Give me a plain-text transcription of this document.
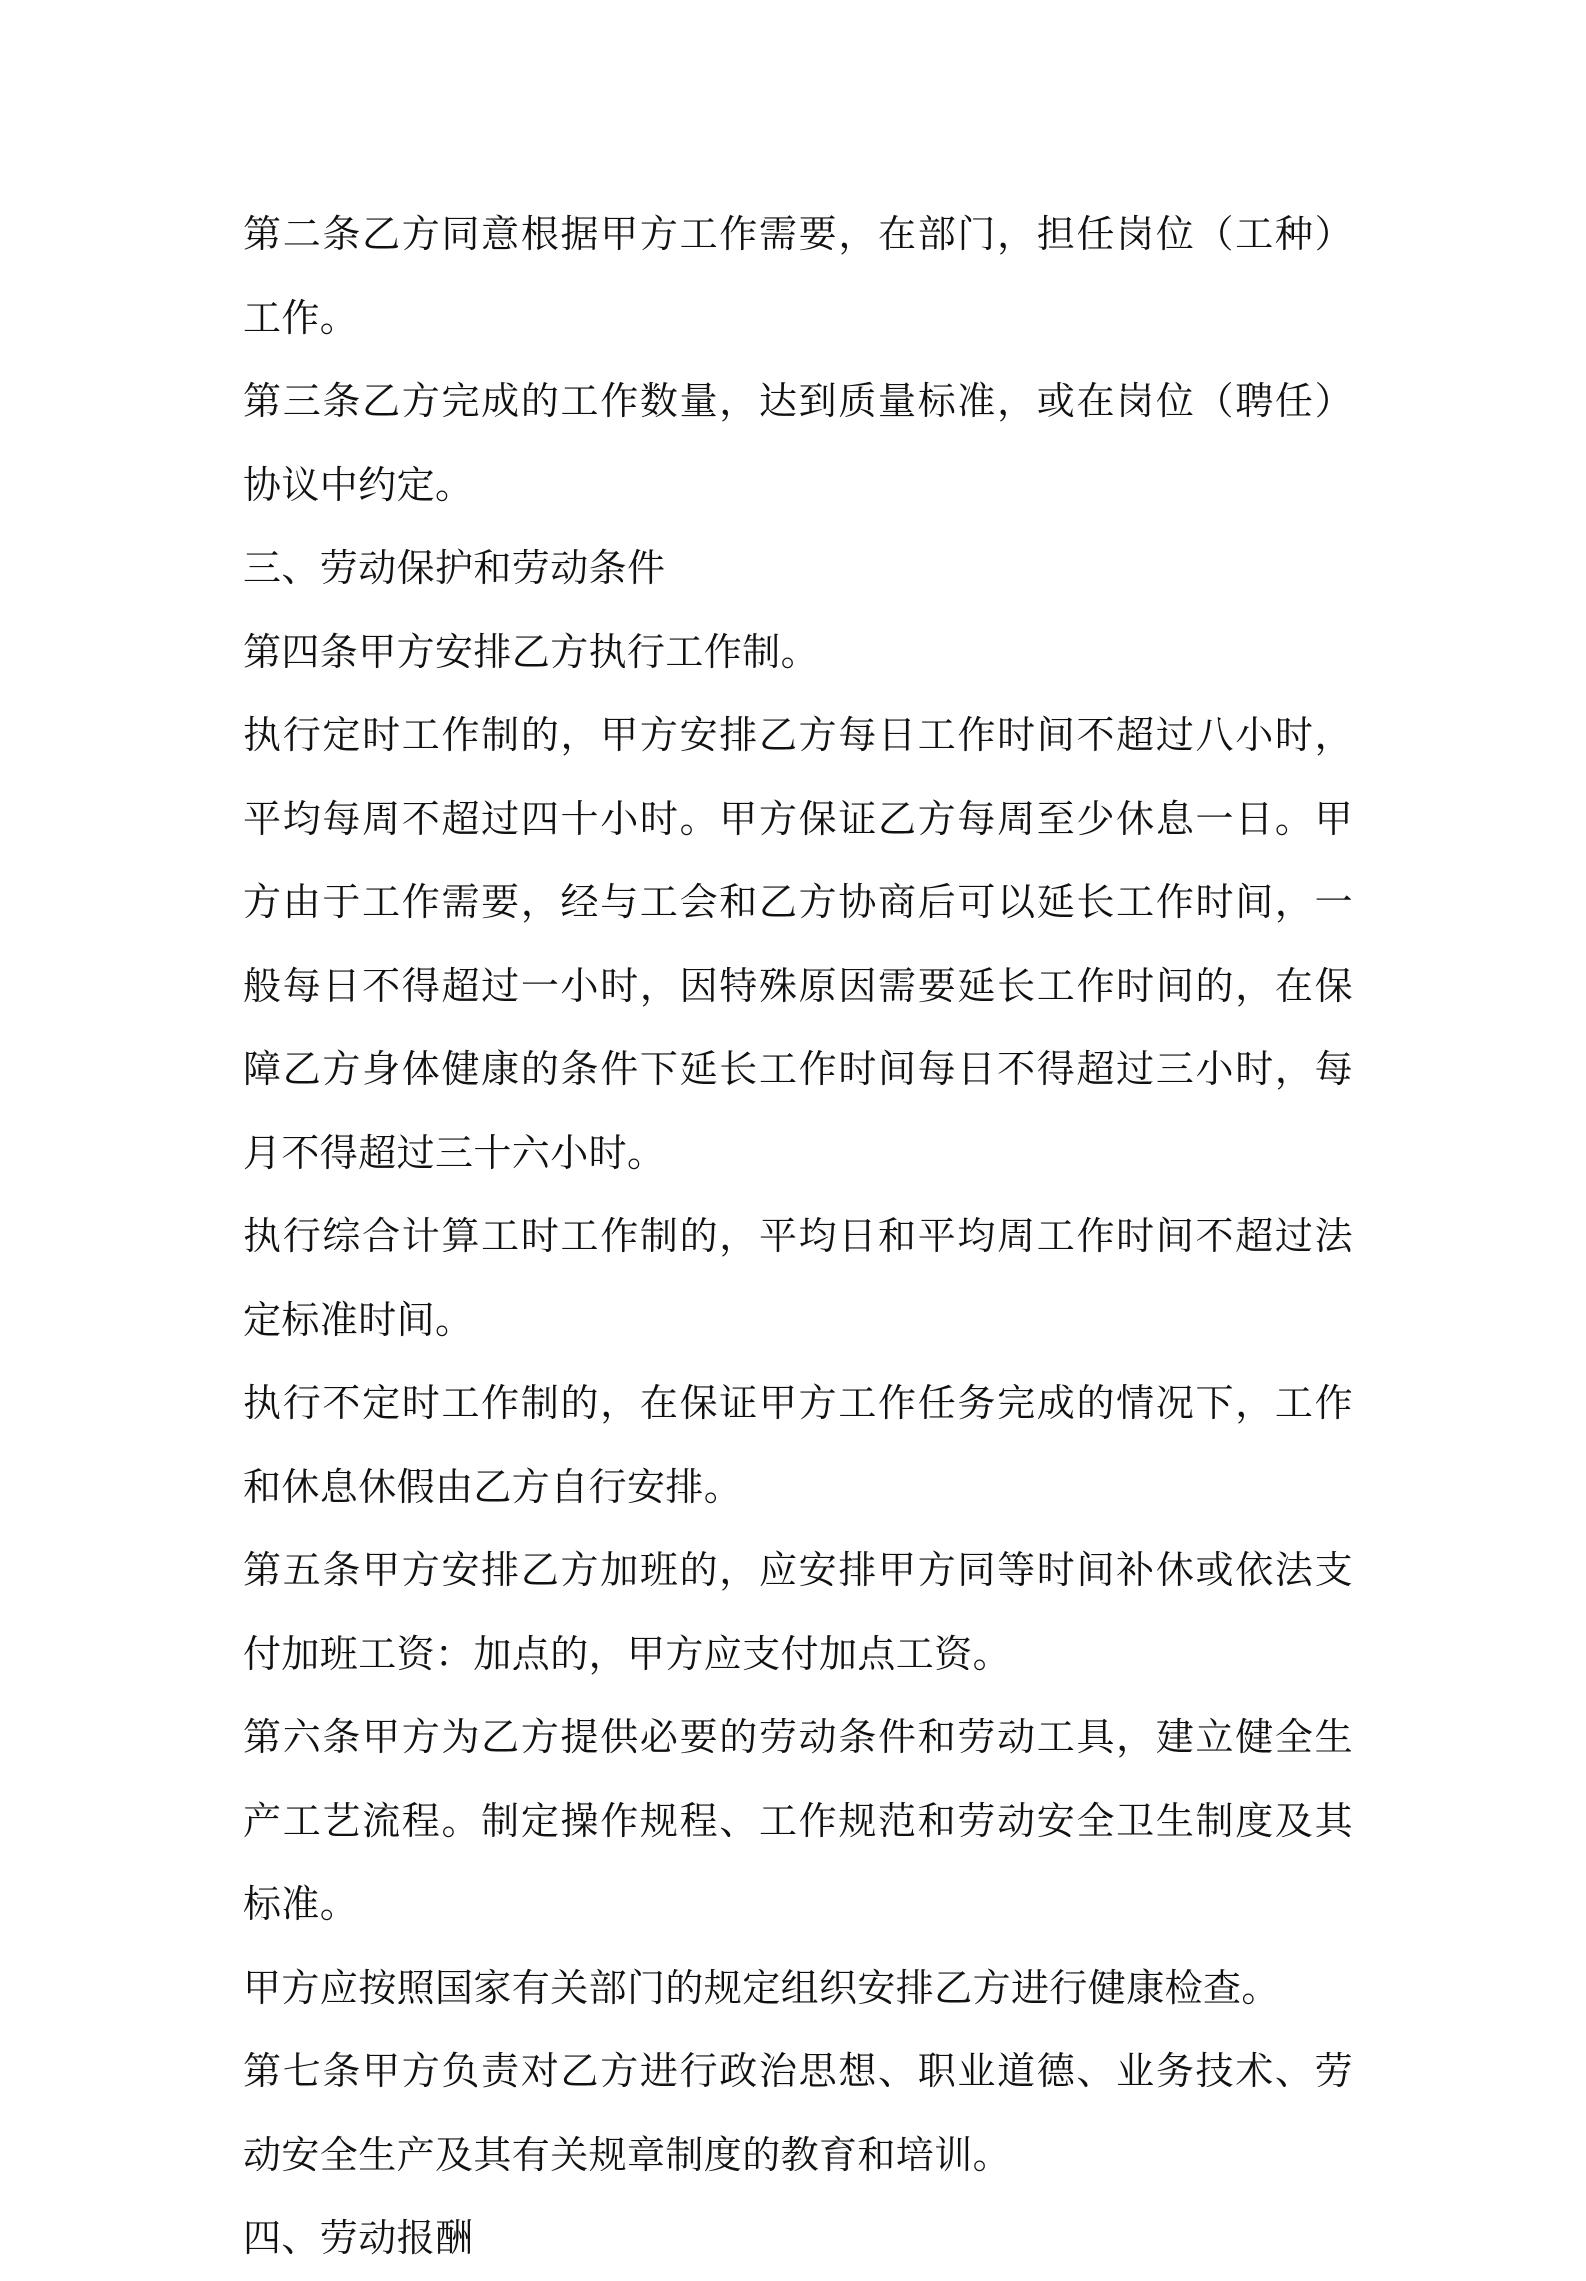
第二条乙方同意根据甲方工作需要，在部门，担任岗位（工种）工作。

第三条乙方完成的工作数量，达到质量标准，或在岗位（聘任）协议中约定。

三、劳动保护和劳动条件

第四条甲方安排乙方执行工作制。

执行定时工作制的，甲方安排乙方每日工作时间不超过八小时，平均每周不超过四十小时。甲方保证乙方每周至少休息一日。甲方由于工作需要，经与工会和乙方协商后可以延长工作时间，一般每日不得超过一小时，因特殊原因需要延长工作时间的，在保障乙方身体健康的条件下延长工作时间每日不得超过三小时，每月不得超过三十六小时。

执行综合计算工时工作制的，平均日和平均周工作时间不超过法定标准时间。

执行不定时工作制的，在保证甲方工作任务完成的情况下，工作和休息休假由乙方自行安排。

第五条甲方安排乙方加班的，应安排甲方同等时间补休或依法支付加班工资：加点的，甲方应支付加点工资。

第六条甲方为乙方提供必要的劳动条件和劳动工具，建立健全生产工艺流程。制定操作规程、工作规范和劳动安全卫生制度及其标准。

甲方应按照国家有关部门的规定组织安排乙方进行健康检查。

第七条甲方负责对乙方进行政治思想、职业道德、业务技术、劳动安全生产及其有关规章制度的教育和培训。

四、劳动报酬
